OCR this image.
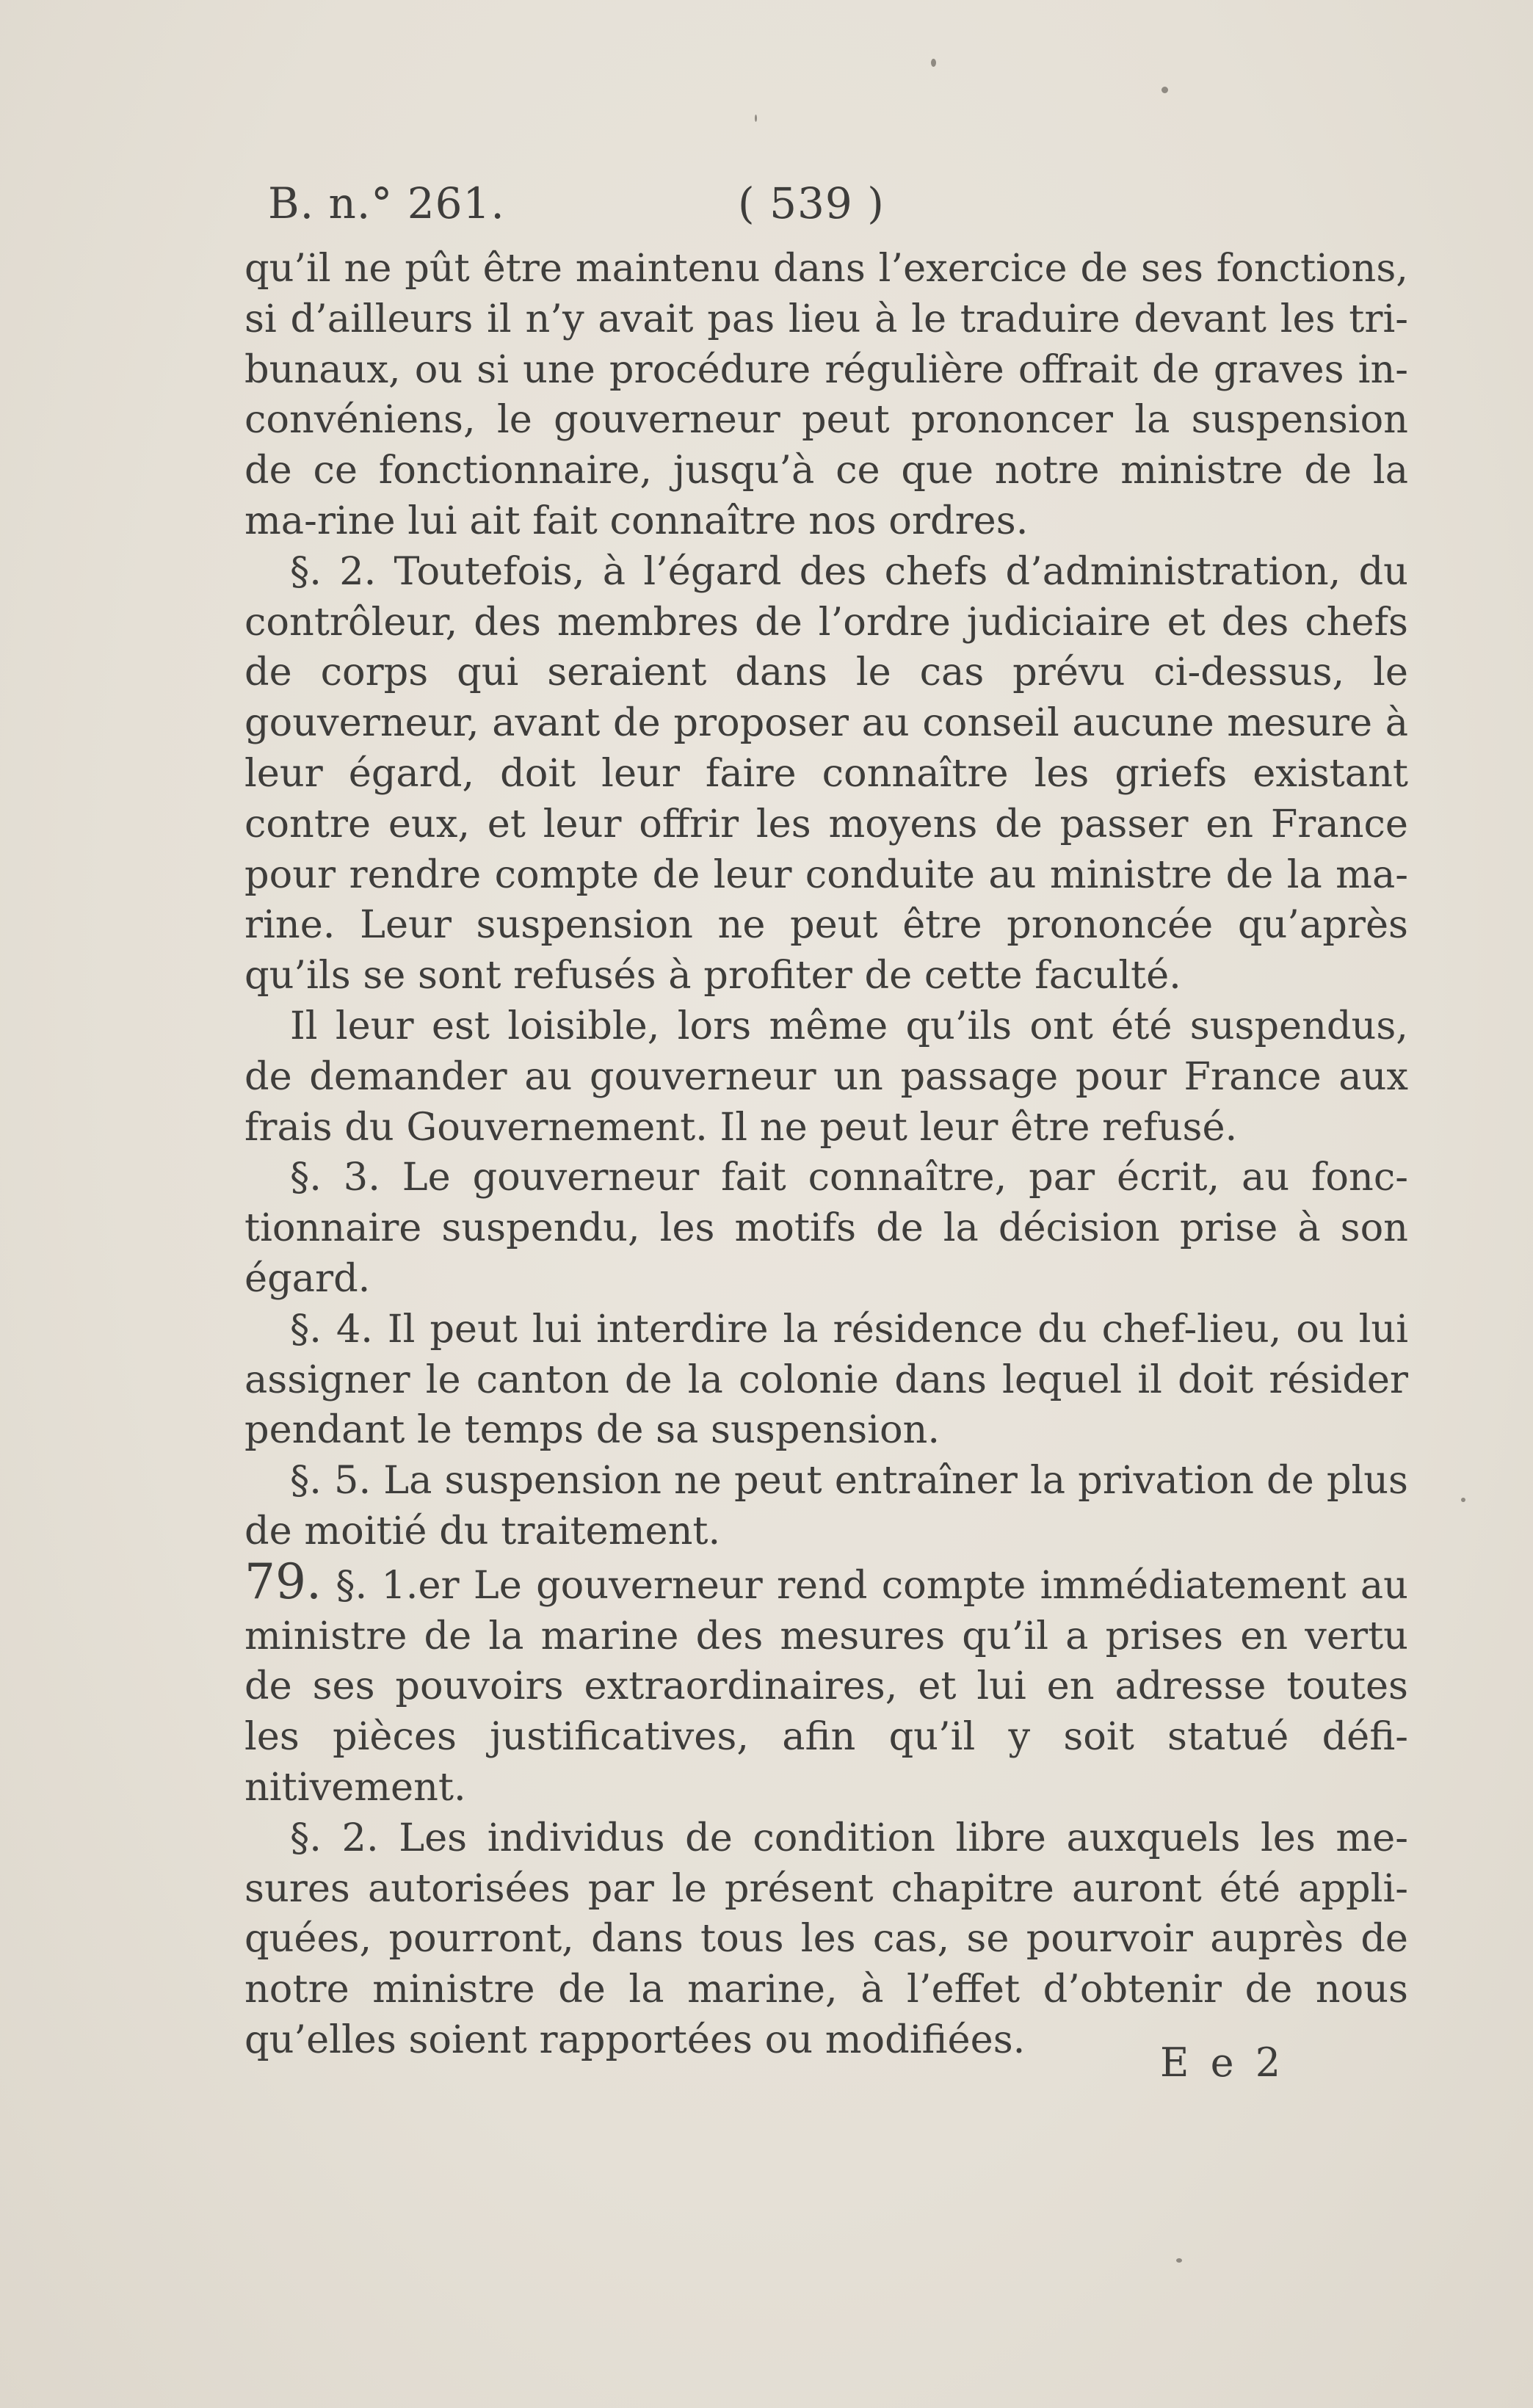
B. n.° 261.	( 539 )

qu’il ne pût être maintenu dans l’exercice de ses fonctions, si d’ailleurs il n’y avait pas lieu à le traduire devant les tri-bunaux, ou si une procédure régulière offrait de graves in-convéniens, le gouverneur peut prononcer la suspension de ce fonctionnaire, jusqu’à ce que notre ministre de la ma-rine lui ait fait connaître nos ordres.

§. 2. Toutefois, à l’égard des chefs d’administration, du contrôleur, des membres de l’ordre judiciaire et des chefs de corps qui seraient dans le cas prévu ci-dessus, le gouverneur, avant de proposer au conseil aucune mesure à leur égard, doit leur faire connaître les griefs existant contre eux, et leur offrir les moyens de passer en France pour rendre compte de leur conduite au ministre de la ma-rine. Leur suspension ne peut être prononcée qu’après qu’ils se sont refusés à profiter de cette faculté.

Il leur est loisible, lors même qu’ils ont été suspendus, de demander au gouverneur un passage pour France aux frais du Gouvernement. Il ne peut leur être refusé.

§. 3. Le gouverneur fait connaître, par écrit, au fonc-tionnaire suspendu, les motifs de la décision prise à son égard.

§. 4. Il peut lui interdire la résidence du chef-lieu, ou lui assigner le canton de la colonie dans lequel il doit résider pendant le temps de sa suspension.

§. 5. La suspension ne peut entraîner la privation de plus de moitié du traitement.

79. §. 1.er Le gouverneur rend compte immédiatement au ministre de la marine des mesures qu’il a prises en vertu de ses pouvoirs extraordinaires, et lui en adresse toutes les pièces justificatives, afin qu’il y soit statué défi-nitivement.

§. 2. Les individus de condition libre auxquels les me-sures autorisées par le présent chapitre auront été appli-quées, pourront, dans tous les cas, se pourvoir auprès de notre ministre de la marine, à l’effet d’obtenir de nous qu’elles soient rapportées ou modifiées.	E e 2
